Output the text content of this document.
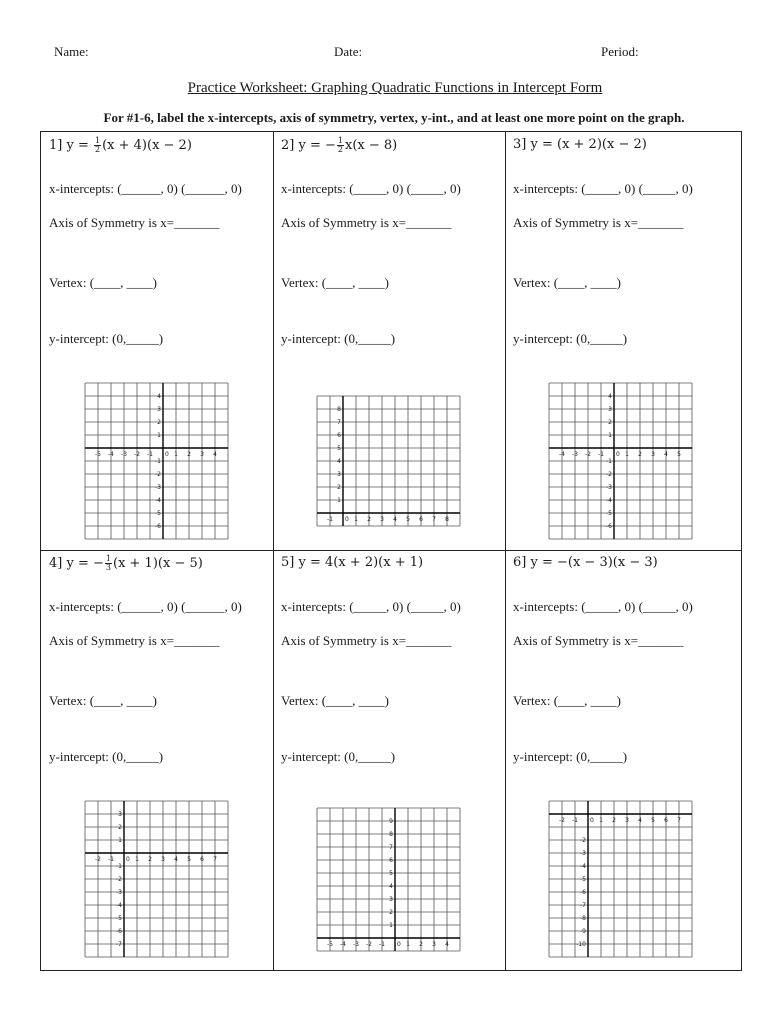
Name:	Date:	Period:
Practice Worksheet: Graphing Quadratic Functions in Intercept Form
For #1-6, label the x-intercepts, axis of symmetry, vertex, y-int., and at least one more point on the graph.
1] $y = \frac{1}{2} (x + 4)(x - 2)$
x-intercepts: (______, 0) (______, 0)
Axis of Symmetry is x=_______
Vertex: (____, ____)
y-intercept: (0,_____)
-5 -4 -3 -2 -1 0 1 2 3 4
4
3
2
1
-1
-2
-3
-4
-5
-6
2] y = − $\frac{1}{2} x(x - 8)$
x-intercepts: (_____, 0) (_____, 0)
Axis of Symmetry is x=_______
Vertex: (____, ____)
y-intercept: (0,_____)
-1 0 1 2 3 4 5 6 7 8
8
7
6
5
4
3
2
1
3] y = (x + 2)(x − 2)
x-intercepts: (_____, 0) (_____, 0)
Axis of Symmetry is x=_______
Vertex: (____, ____)
y-intercept: (0,_____)
-4 -3 -2 -1 0 1 2 3 4 5
4
3
2
1
-1
-2
-3
-4
-5
-6
4] y = − $\frac{1}{3} (x + 1)(x - 5)$
x-intercepts: (______, 0) (______, 0)
Axis of Symmetry is x=_______
Vertex: (____, ____)
y-intercept: (0,_____)
-2 -1 0 1 2 3 4 5 6 7
3
2
1
-1
-2
-3
-4
-5
-6
-7
5] y = 4(x + 2)(x + 1)
x-intercepts: (_____, 0) (_____, 0)
Axis of Symmetry is x=_______
Vertex: (____, ____)
y-intercept: (0,_____)
-5 -4 -3 -2 -1 0 1 2 3 4
9
8
7
6
5
4
3
2
1
6] y = −(x − 3)(x − 3)
x-intercepts: (_____, 0) (_____, 0)
Axis of Symmetry is x=_______
Vertex: (____, ____)
y-intercept: (0,_____)
-2 -1 0 1 2 3 4 5 6 7
-2
-3
-4
-5
-6
-7
-8
-9
-10
